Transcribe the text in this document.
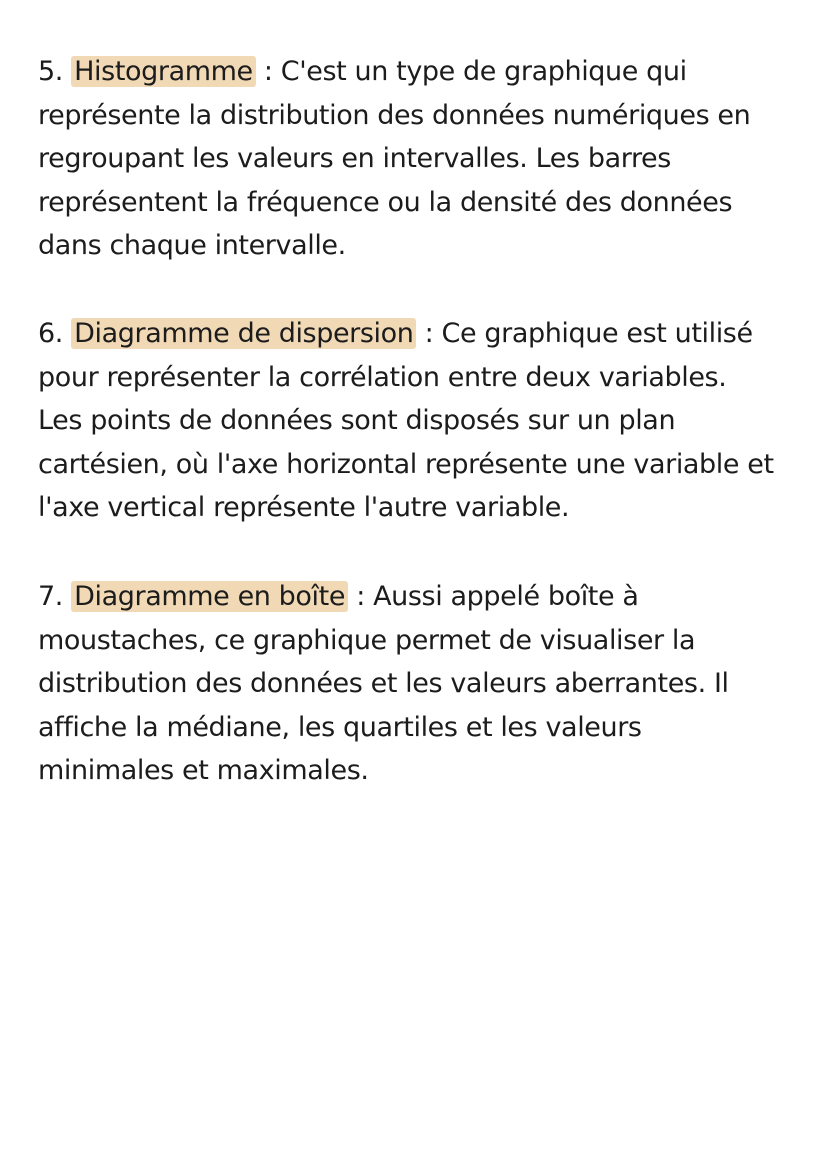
5. Histogramme : C'est un type de graphique qui représente la distribution des données numériques en regroupant les valeurs en intervalles. Les barres représentent la fréquence ou la densité des données dans chaque intervalle.
6. Diagramme de dispersion : Ce graphique est utilisé pour représenter la corrélation entre deux variables. Les points de données sont disposés sur un plan cartésien, où l'axe horizontal représente une variable et l'axe vertical représente l'autre variable.
7. Diagramme en boîte : Aussi appelé boîte à moustaches, ce graphique permet de visualiser la distribution des données et les valeurs aberrantes. Il affiche la médiane, les quartiles et les valeurs minimales et maximales.
